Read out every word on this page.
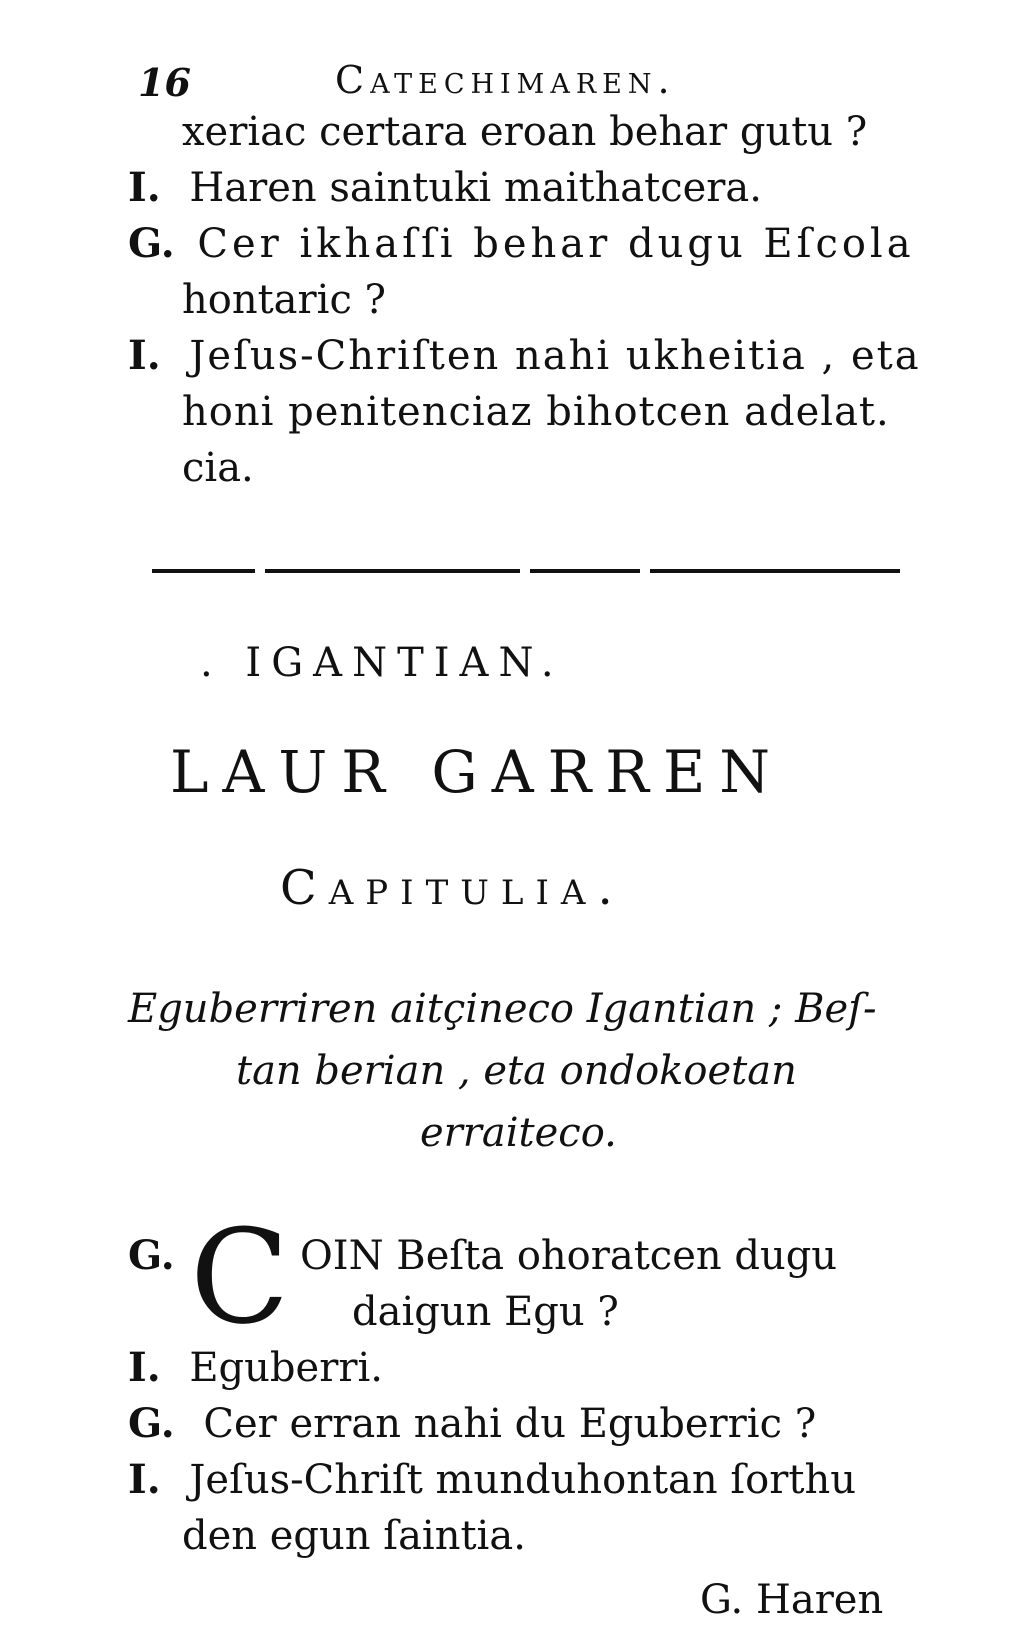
16	Catechimaren.
xeriac certara eroan behar gutu ?
I. Haren saintuki maithatcera.
G. Cer ikhaſſi behar dugu Eſcola
hontaric ?
I. Jeſus-Chriſten nahi ukheitia , eta
honi penitenciaz bihotcen adelat.
cia.
. IGANTIAN.
LAUR GARREN
Capitulia.
Eguberriren aitçineco Igantian ; Beſ-
tan berian , eta ondokoetan
erraiteco.
G. C OIN Beſta ohoratcen dugu
daigun Egu ?
I. Eguberri.
G. Cer erran nahi du Eguberric ?
I. Jeſus-Chriſt munduhontan ſorthu
den egun ſaintia.
G. Haren
